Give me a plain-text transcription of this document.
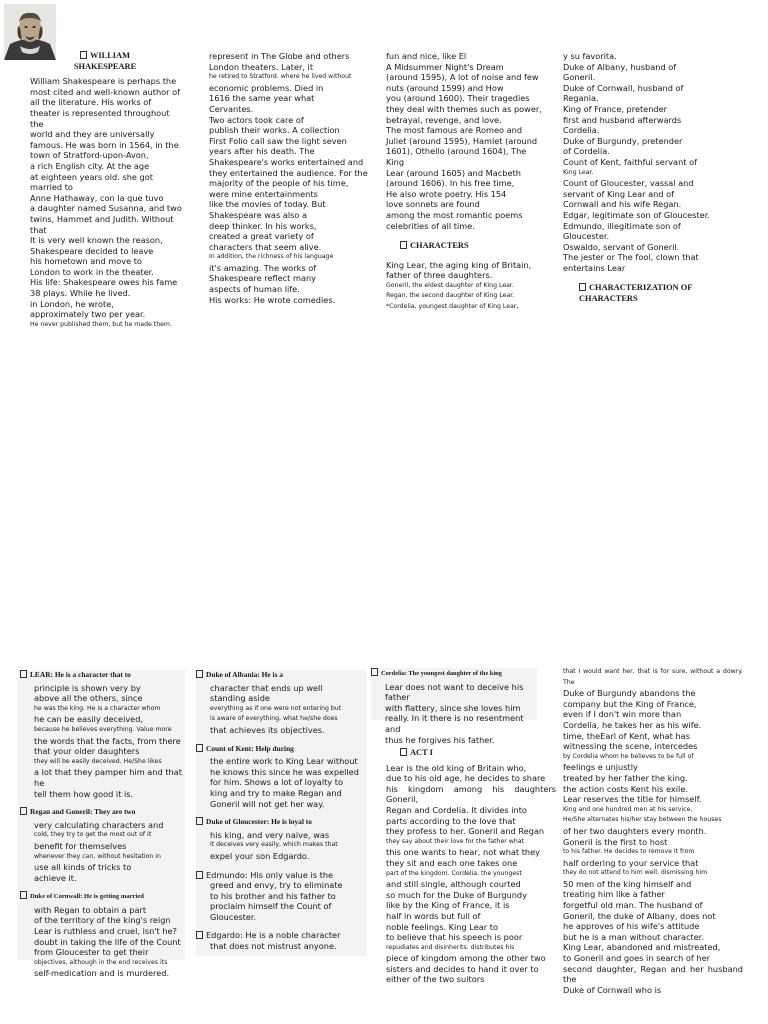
WILLIAM SHAKESPEARE

William Shakespeare is perhaps the

most cited and well-known author of

all the literature. His works of

theater is represented throughout the

world and they are universally

famous. He was born in 1564, in the

town of Stratford-upon-Avon,

a rich English city. At the age

at eighteen years old. she got married to

Anne Hathaway, con la que tuvo

a daughter named Susanna, and two

twins, Hammet and Judith. Without that

It is very well known the reason,

Shakespeare decided to leave

his hometown and move to

London to work in the theater.

His life: Shakespeare owes his fame

38 plays. While he lived.

in London, he wrote,

approximately two per year.

He never published them, but he made them.

represent in The Globe and others

London theaters. Later, it

he retired to Stratford. where he lived without

economic problems. Died in

1616 the same year what

Cervantes.

Two actors took care of

publish their works. A collection

First Folio call saw the light seven

years after his death. The

Shakespeare's works entertained and

they entertained the audience. For the

majority of the people of his time,

were mine entertainments

like the movies of today. But

Shakespeare was also a

deep thinker. In his works,

created a great variety of

characters that seem alive.

In addition, the richness of his language

it's amazing. The works of

Shakespeare reflect many

aspects of human life.

His works: He wrote comedies.

fun and nice, like El

A Midsummer Night's Dream

(around 1595), A lot of noise and few

nuts (around 1599) and How

you (around 1600). Their tragedies

they deal with themes such as power,

betrayal, revenge, and love.

The most famous are Romeo and

Juliet (around 1595), Hamlet (around

1601), Othello (around 1604), The King

Lear (around 1605) and Macbeth

(around 1606). In his free time,

He also wrote poetry. His 154

love sonnets are found

among the most romantic poems

celebrities of all time.

CHARACTERS

King Lear, the aging king of Britain,

father of three daughters.

Goneril, the eldest daughter of King Lear.

Regan, the second daughter of King Lear.

*Cordelia, youngest daughter of King Lear,

y su favorita.

Duke of Albany, husband of

Goneril.

Duke of Cornwall, husband of

Regania.

King of France, pretender

first and husband afterwards

Cordelia.

Duke of Burgundy, pretender

of Cordelia.

Count of Kent, faithful servant of

King Lear.

Count of Gloucester, vassal and

servant of King Lear and of

Cornwall and his wife Regan.

Edgar, legitimate son of Gloucester.

Edmundo, illegitimate son of

Gloucester.

Oswaldo, servant of Goneril.

The jester or The fool, clown that

entertains Lear

CHARACTERIZATION OF CHARACTERS

LEAR: He is a character that to

principle is shown very by

above all the others, since

he was the king. He is a character whom

he can be easily deceived,

because he believes everything. Value more

the words that the facts, from there

that your older daughters

they will be easily deceived. He/She likes

a lot that they pamper him and that he

tell them how good it is.

Regan and Goneril: They are two

very calculating characters and

cold, they try to get the most out of it

benefit for themselves

whenever they can, without hesitation in

use all kinds of tricks to

achieve it.

Duke of Cornwall: He is getting married

with Regan to obtain a part

of the territory of the king's reign

Lear is ruthless and cruel, isn't he?

doubt in taking the life of the Count

from Gloucester to get their

objectives, although in the end receives its

self-medication and is murdered.

Duke of Albania: He is a

character that ends up well

standing aside

everything as if one were not entering but

is aware of everything, what he/she does

that achieves its objectives.

Count of Kent: Help during

the entire work to King Lear without

he knows this since he was expelled

for him. Shows a lot of loyalty to

king and try to make Regan and

Goneril will not get her way.

Duke of Gloucester: He is loyal to

his king, and very naive, was

it deceives very easily, which makes that

expel your son Edgardo.

Edmundo: His only value is the

greed and envy, try to eliminate

to his brother and his father to

proclaim himself the Count of

Gloucester.

Edgardo: He is a noble character

that does not mistrust anyone.

Cordelia: The youngest daughter of the king

Lear does not want to deceive his father

with flattery, since she loves him

really. In it there is no resentment and

thus he forgives his father.

ACT I

Lear is the old king of Britain who,

due to his old age, he decides to share

his kingdom among his daughters Goneril,

Regan and Cordelia. It divides into

parts according to the love that

they profess to her. Goneril and Regan

they say about their love for the father what

this one wants to hear, not what they

they sit and each one takes one

part of the kingdom. Cordelia, the youngest

and still single, although courted

so much for the Duke of Burgundy

like by the King of France, it is

half in words but full of

noble feelings. King Lear to

to believe that his speech is poor

repudiates and disinherits. distributes his

piece of kingdom among the other two

sisters and decides to hand it over to

either of the two suitors

that I would want her, that is for sure, without a dowry. The

Duke of Burgundy abandons the

company but the King of France,

even if I don't win more than

Cordelia, he takes her as his wife.

time, theEarl of Kent, what has

witnessing the scene, intercedes

by Cordelia whom he believes to be full of

feelings e unjustly

treated by her father the king.

the action costs Kent his exile.

Lear reserves the title for himself.

King and one hundred men at his service.

He/She alternates his/her stay between the houses

of her two daughters every month.

Goneril is the first to host

to his father. He decides to remove it from

half ordering to your service that

they do not attend to him well. dismissing him

50 men of the king himself and

treating him like a father

forgetful old man. The husband of

Goneril, the duke of Albany, does not

he approves of his wife's attitude

but he is a man without character.

King Lear, abandoned and mistreated,

to Goneril and goes in search of her

second daughter, Regan and her husband the

Duke of Cornwall who is
